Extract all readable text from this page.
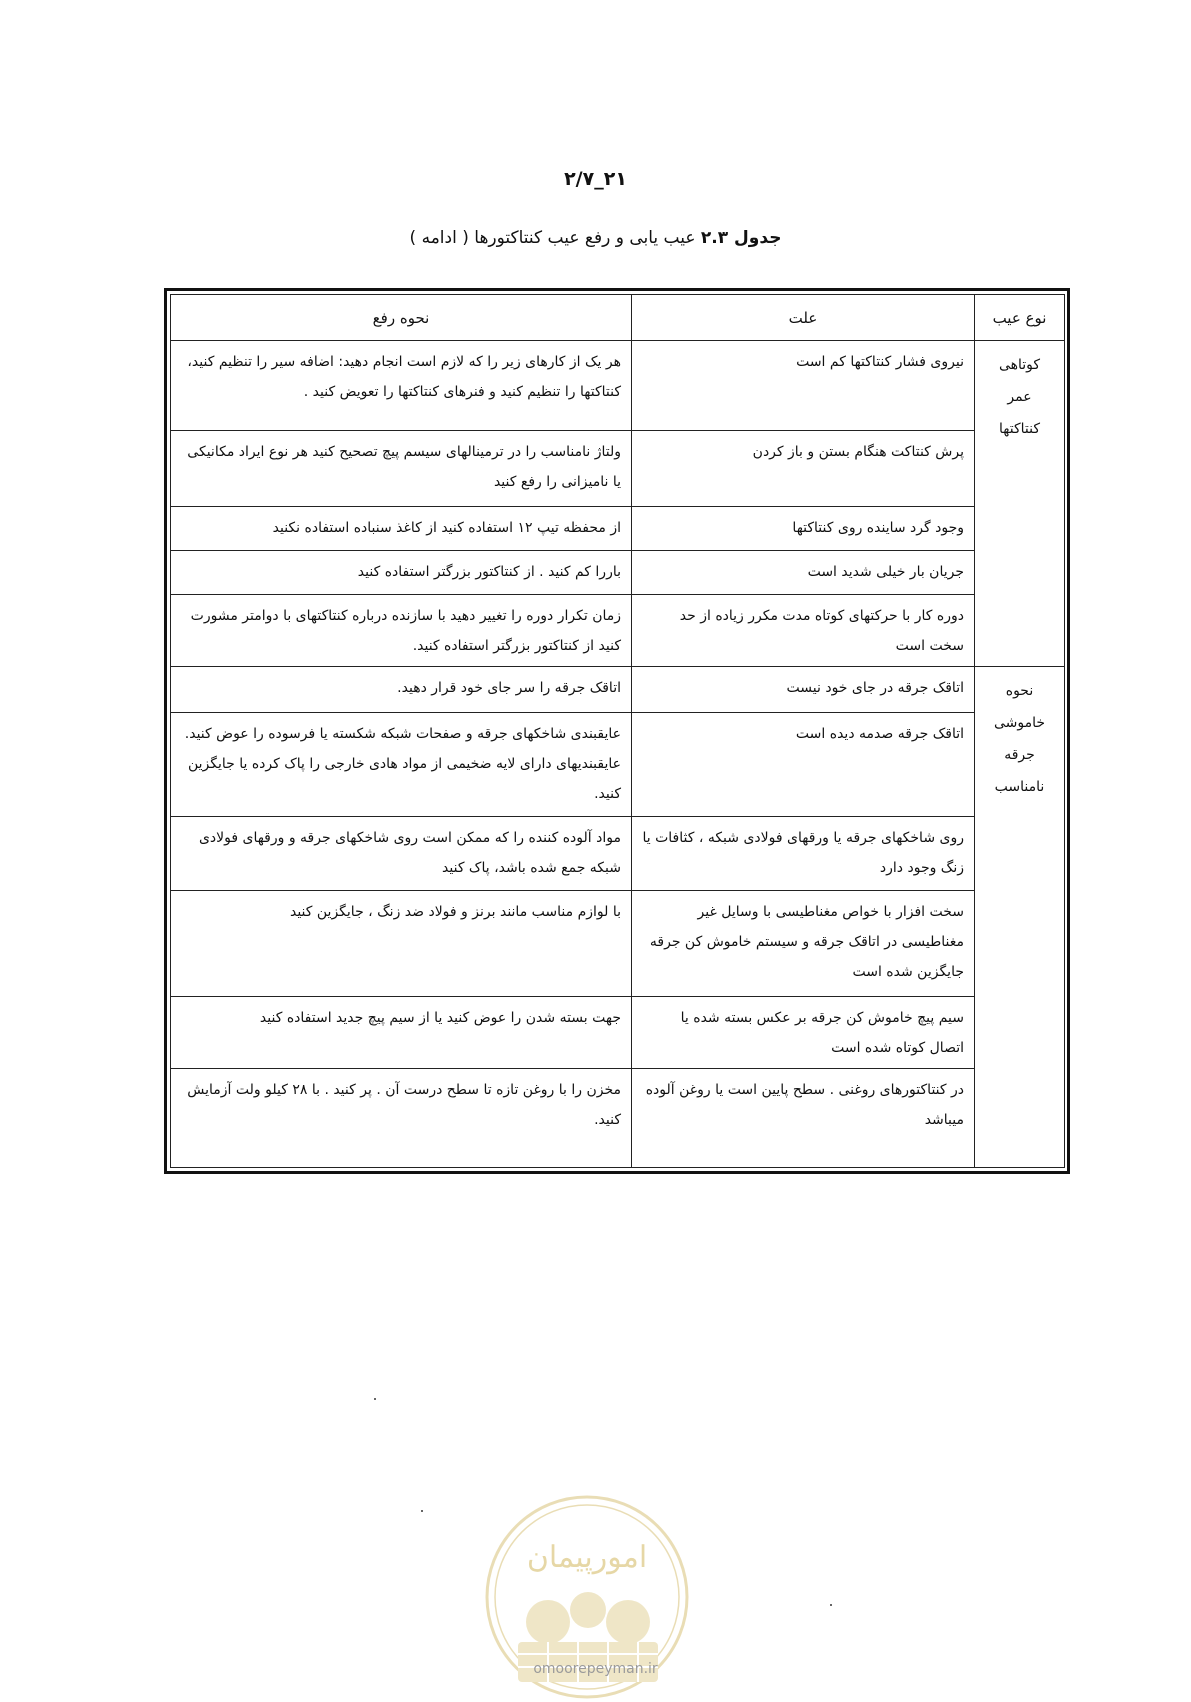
۲۱_۲/۷
جدول ۲.۳ عیب یابی و رفع عیب کنتاکتورها ( ادامه )
نوع عیب	علت	نحوه رفع

کوتاهی
عمر
کنتاکتها	نیروی فشار کنتاکتها کم است	هر یک از کارهای زیر را که لازم است انجام دهید: اضافه سیر را تنظیم کنید، کنتاکتها را تنظیم کنید و فنرهای کنتاکتها را تعویض کنید .
	پرش کنتاکت هنگام بستن و باز کردن	ولتاژ نامناسب را در ترمینالهای سیسم پیچ تصحیح کنید هر نوع ایراد مکانیکی یا نامیزانی را رفع کنید
	وجود گرد ساینده روی کنتاکتها	از محفظه تیپ ۱۲ استفاده کنید از کاغذ سنباده استفاده نکنید
	جریان بار خیلی شدید است	باررا کم کنید . از کنتاکتور بزرگتر استفاده کنید
	دوره کار با حرکتهای کوتاه مدت مکرر زیاده از حد سخت است	زمان تکرار دوره را تغییر دهید با سازنده درباره کنتاکتهای با دوامتر مشورت کنید از کنتاکتور بزرگتر استفاده کنید.

نحوه
خاموشی
جرقه
نامناسب	اتاقک جرقه در جای خود نیست	اتاقک جرقه را سر جای خود قرار دهید.
	اتاقک جرقه صدمه دیده است	عایقبندی شاخکهای جرقه و صفحات شبکه شکسته یا فرسوده را عوض کنید. عایقبندیهای دارای لایه ضخیمی از مواد هادی خارجی را پاک کرده یا جایگزین کنید.
	روی شاخکهای جرقه یا ورقهای فولادی شبکه ، کثافات یا زنگ وجود دارد	مواد آلوده کننده را که ممکن است روی شاخکهای جرقه و ورقهای فولادی شبکه جمع شده باشد، پاک کنید
	سخت افزار با خواص مغناطیسی با وسایل غیر مغناطیسی در اتاقک جرقه و سیستم خاموش کن جرقه جایگزین شده است	با لوازم مناسب مانند برنز و فولاد ضد زنگ ، جایگزین کنید
	سیم پیچ خاموش کن جرقه بر عکس بسته شده یا اتصال کوتاه شده است	جهت بسته شدن را عوض کنید یا از سیم پیچ جدید استفاده کنید
	در کنتاکتورهای روغنی . سطح پایین است یا روغن آلوده میباشد	مخزن را با روغن تازه تا سطح درست آن . پر کنید . با ۲۸ کیلو ولت آزمایش کنید.
امورپیمان
omoorepeyman.ir
